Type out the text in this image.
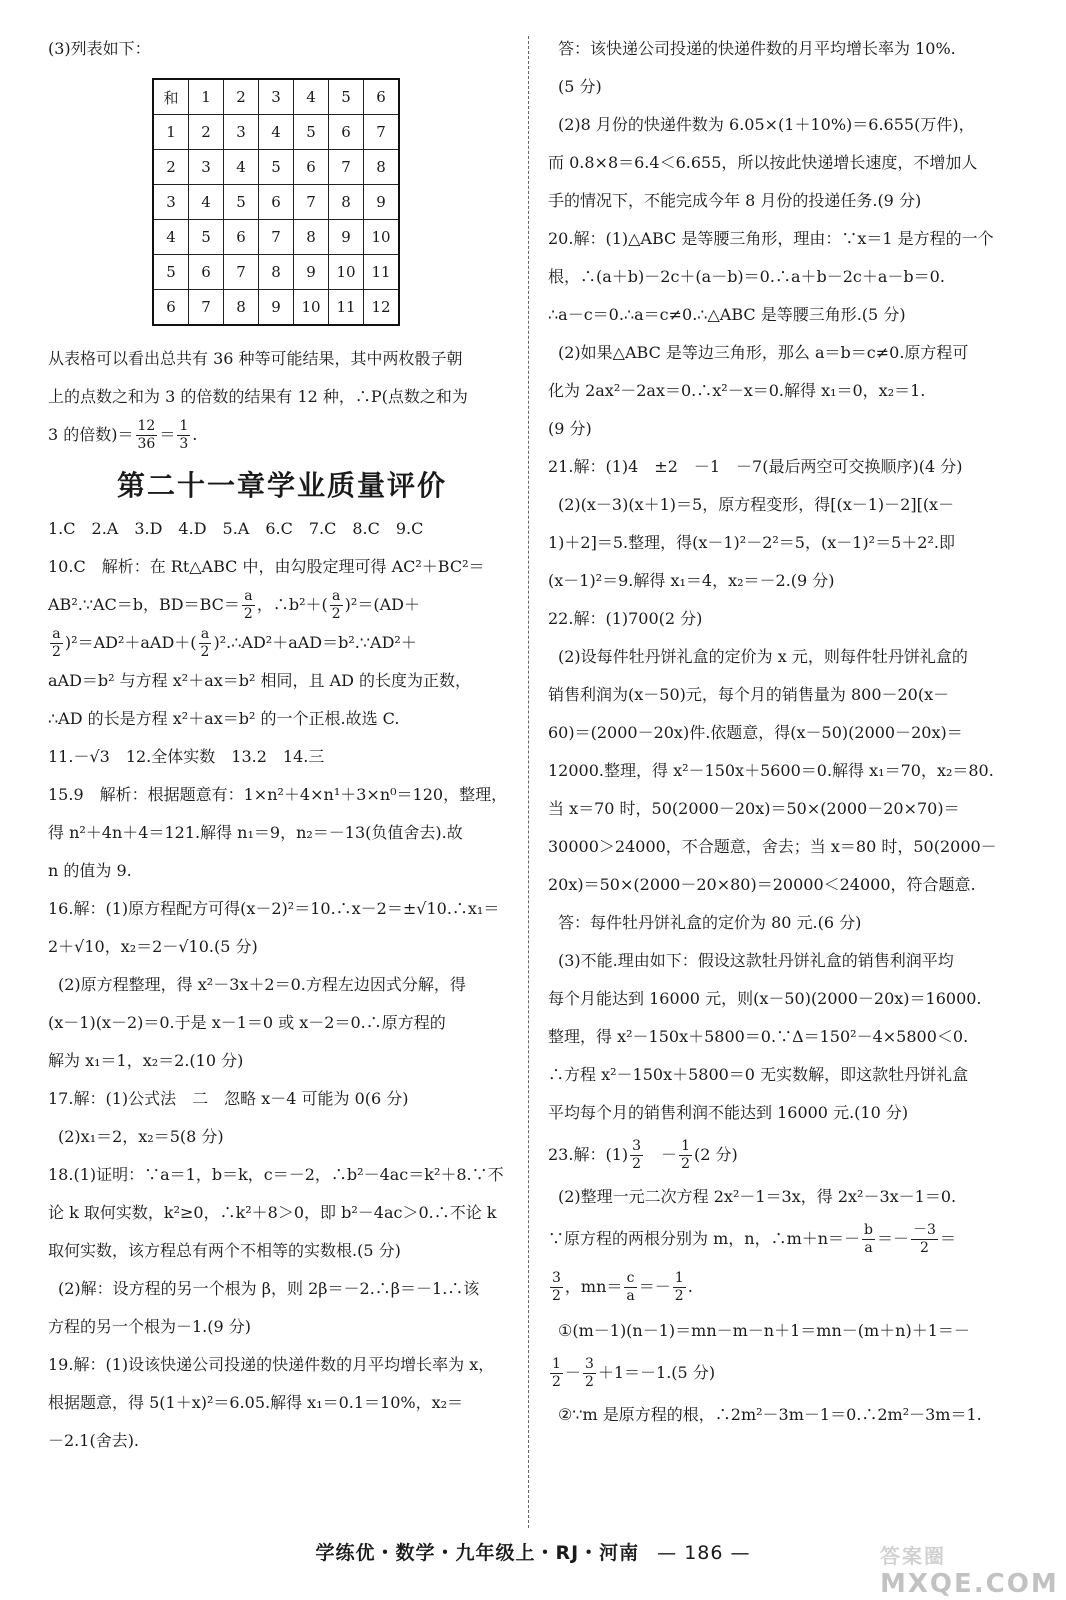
(3)列表如下：

和	1	2	3	4	5	6
1	2	3	4	5	6	7
2	3	4	5	6	7	8
3	4	5	6	7	8	9
4	5	6	7	8	9	10
5	6	7	8	9	10	11
6	7	8	9	10	11	12

从表格可以看出总共有 36 种等可能结果，其中两枚骰子朝

上的点数之和为 3 的倍数的结果有 12 种，∴P(点数之和为

3 的倍数)＝ $\frac{12}{36} = \frac{1}{3}$ .

第二十一章学业质量评价

1.C　2.A　3.D　4.D　5.A　6.C　7.C　8.C　9.C

10.C　解析：在 Rt△ABC 中，由勾股定理可得 AC²＋BC²＝

AB².∵AC＝b，$BD=BC= \frac{a}{2}$ ，∴b²＋( $\frac{a}{2} )^2=(AD+$

$\frac{a}{2} )^2=AD^2+aAD+( \frac{a}{2}$ )².∴AD²＋aAD＝b².∵AD²＋

aAD＝b² 与方程 x²＋ax＝b² 相同，且 AD 的长度为正数，

∴AD 的长是方程 x²＋ax＝b² 的一个正根.故选 C.

11.－√3　12.全体实数　13.2　14.三

15.9　解析：根据题意有：1×n²＋4×n¹＋3×n⁰＝120，整理，

得 n²＋4n＋4＝121.解得 n₁＝9，n₂＝－13(负值舍去).故

n 的值为 9.

16.解：(1)原方程配方可得(x－2)²＝10.∴x－2＝±√10.∴x₁＝

2＋√10，x₂＝2－√10.(5 分)

(2)原方程整理，得 x²－3x＋2＝0.方程左边因式分解，得

(x－1)(x－2)＝0.于是 x－1＝0 或 x－2＝0.∴原方程的

解为 x₁＝1，x₂＝2.(10 分)

17.解：(1)公式法　二　忽略 x－4 可能为 0(6 分)

(2)x₁＝2，x₂＝5(8 分)

18.(1)证明：∵a＝1，b＝k，c＝－2，∴b²－4ac＝k²＋8.∵不

论 k 取何实数，k²≥0，∴k²＋8＞0，即 b²－4ac＞0.∴不论 k

取何实数，该方程总有两个不相等的实数根.(5 分)

(2)解：设方程的另一个根为 β，则 2β＝－2.∴β＝－1.∴该

方程的另一个根为－1.(9 分)

19.解：(1)设该快递公司投递的快递件数的月平均增长率为 x，

根据题意，得 5(1＋x)²＝6.05.解得 x₁＝0.1＝10%，x₂＝

－2.1(舍去).

答：该快递公司投递的快递件数的月平均增长率为 10%.

(5 分)

(2)8 月份的快递件数为 6.05×(1＋10%)＝6.655(万件)，

而 0.8×8＝6.4＜6.655，所以按此快递增长速度，不增加人

手的情况下，不能完成今年 8 月份的投递任务.(9 分)

20.解：(1)△ABC 是等腰三角形，理由：∵x＝1 是方程的一个

根，∴(a＋b)－2c＋(a－b)＝0.∴a＋b－2c＋a－b＝0.

∴a－c＝0.∴a＝c≠0.∴△ABC 是等腰三角形.(5 分)

(2)如果△ABC 是等边三角形，那么 a＝b＝c≠0.原方程可

化为 2ax²－2ax＝0.∴x²－x＝0.解得 x₁＝0，x₂＝1.

(9 分)

21.解：(1)4　±2　－1　－7(最后两空可交换顺序)(4 分)

(2)(x－3)(x＋1)＝5，原方程变形，得[(x－1)－2][(x－

1)＋2]＝5.整理，得(x－1)²－2²＝5，(x－1)²＝5＋2².即

(x－1)²＝9.解得 x₁＝4，x₂＝－2.(9 分)

22.解：(1)700(2 分)

(2)设每件牡丹饼礼盒的定价为 x 元，则每件牡丹饼礼盒的

销售利润为(x－50)元，每个月的销售量为 800－20(x－

60)＝(2000－20x)件.依题意，得(x－50)(2000－20x)＝

12000.整理，得 x²－150x＋5600＝0.解得 x₁＝70，x₂＝80.

当 x＝70 时，50(2000－20x)＝50×(2000－20×70)＝

30000＞24000，不合题意，舍去；当 x＝80 时，50(2000－

20x)＝50×(2000－20×80)＝20000＜24000，符合题意.

答：每件牡丹饼礼盒的定价为 80 元.(6 分)

(3)不能.理由如下：假设这款牡丹饼礼盒的销售利润平均

每个月能达到 16000 元，则(x－50)(2000－20x)＝16000.

整理，得 x²－150x＋5800＝0.∵Δ＝150²－4×5800＜0.

∴方程 x²－150x＋5800＝0 无实数解，即这款牡丹饼礼盒

平均每个月的销售利润不能达到 16000 元.(10 分)

23.解：$(1) \frac{3}{2}$ 　－ $\frac{1}{2} (2$ 分)

(2)整理一元二次方程 2x²－1＝3x，得 2x²－3x－1＝0.

∵原方程的两根分别为 m，n，∴m＋n＝－ $\frac{b}{a} =- \frac{-3}{2}$ ＝

$\frac{3}{2}$ ，$mn= \frac{c}{a} =- \frac{1}{2}$ .

①(m－1)(n－1)＝mn－m－n＋1＝mn－(m＋n)＋1＝－

$\frac{1}{2} - \frac{3}{2} +1=-1.(5$ 分)

②∵m 是原方程的根，∴2m²－3m－1＝0.∴2m²－3m＝1.

学练优・数学・九年级上・RJ・河南 — 186 —	答案圈
MXQE.COM
